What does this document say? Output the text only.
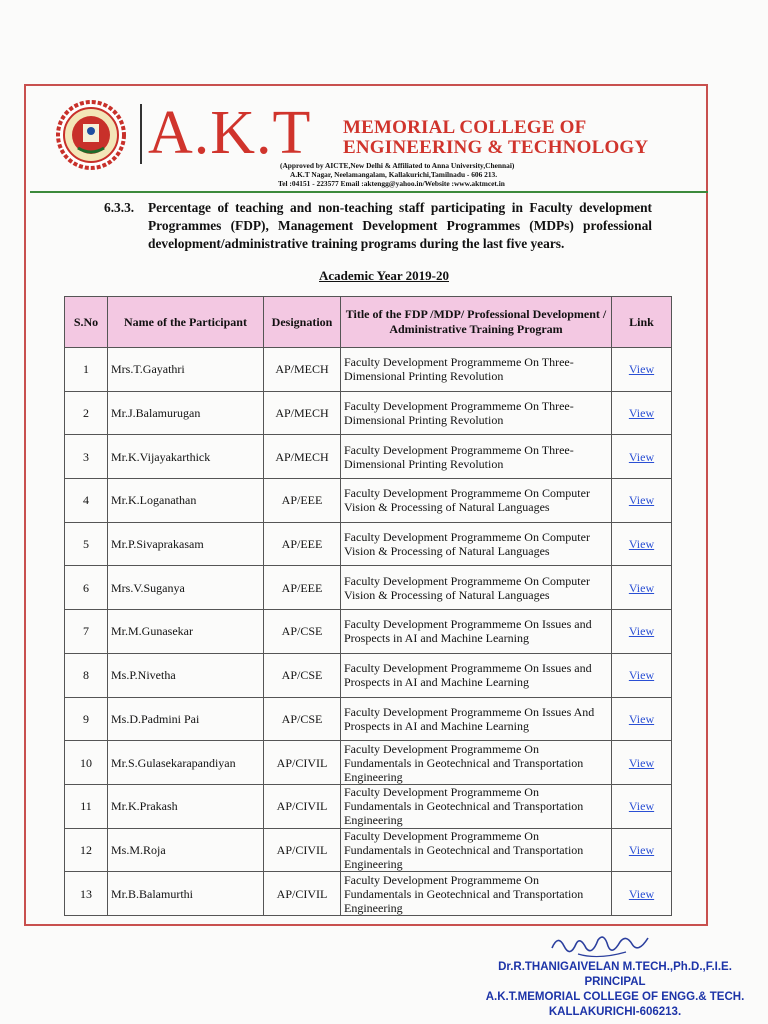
A.K.T MEMORIAL COLLEGE OF
ENGINEERING & TECHNOLOGY
(Approved by AICTE,New Delhi & Affiliated to Anna University,Chennai)
A.K.T Nagar, Neelamangalam, Kallakurichi,Tamilnadu - 606 213.
Tel :04151 - 223577 Email :aktengg@yahoo.in/Website :www.aktmcet.in
6.3.3. Percentage of teaching and non-teaching staff participating in Faculty development Programmes (FDP), Management Development Programmes (MDPs) professional development/administrative training programs during the last five years.
Academic Year 2019-20
S.No	Name of the Participant	Designation	Title of the FDP /MDP/ Professional Development / Administrative Training Program	Link
1	Mrs.T.Gayathri	AP/MECH	Faculty Development Programmeme On Three-Dimensional Printing Revolution	View
2	Mr.J.Balamurugan	AP/MECH	Faculty Development Programmeme On Three-Dimensional Printing Revolution	View
3	Mr.K.Vijayakarthick	AP/MECH	Faculty Development Programmeme On Three-Dimensional Printing Revolution	View
4	Mr.K.Loganathan	AP/EEE	Faculty Development Programmeme On Computer Vision & Processing of Natural Languages	View
5	Mr.P.Sivaprakasam	AP/EEE	Faculty Development Programmeme On Computer Vision & Processing of Natural Languages	View
6	Mrs.V.Suganya	AP/EEE	Faculty Development Programmeme On Computer Vision & Processing of Natural Languages	View
7	Mr.M.Gunasekar	AP/CSE	Faculty Development Programmeme On Issues and Prospects in AI and Machine Learning	View
8	Ms.P.Nivetha	AP/CSE	Faculty Development Programmeme On Issues and Prospects in AI and Machine Learning	View
9	Ms.D.Padmini Pai	AP/CSE	Faculty Development Programmeme On Issues And Prospects in AI and Machine Learning	View
10	Mr.S.Gulasekarapandiyan	AP/CIVIL	Faculty Development Programmeme On Fundamentals in Geotechnical and Transportation Engineering	View
11	Mr.K.Prakash	AP/CIVIL	Faculty Development Programmeme On Fundamentals in Geotechnical and Transportation Engineering	View
12	Ms.M.Roja	AP/CIVIL	Faculty Development Programmeme On Fundamentals in Geotechnical and Transportation Engineering	View
13	Mr.B.Balamurthi	AP/CIVIL	Faculty Development Programmeme On Fundamentals in Geotechnical and Transportation Engineering	View
Dr.R.THANIGAIVELAN M.TECH.,Ph.D.,F.I.E.
PRINCIPAL
A.K.T.MEMORIAL COLLEGE OF ENGG.& TECH.
KALLAKURICHI-606213.
